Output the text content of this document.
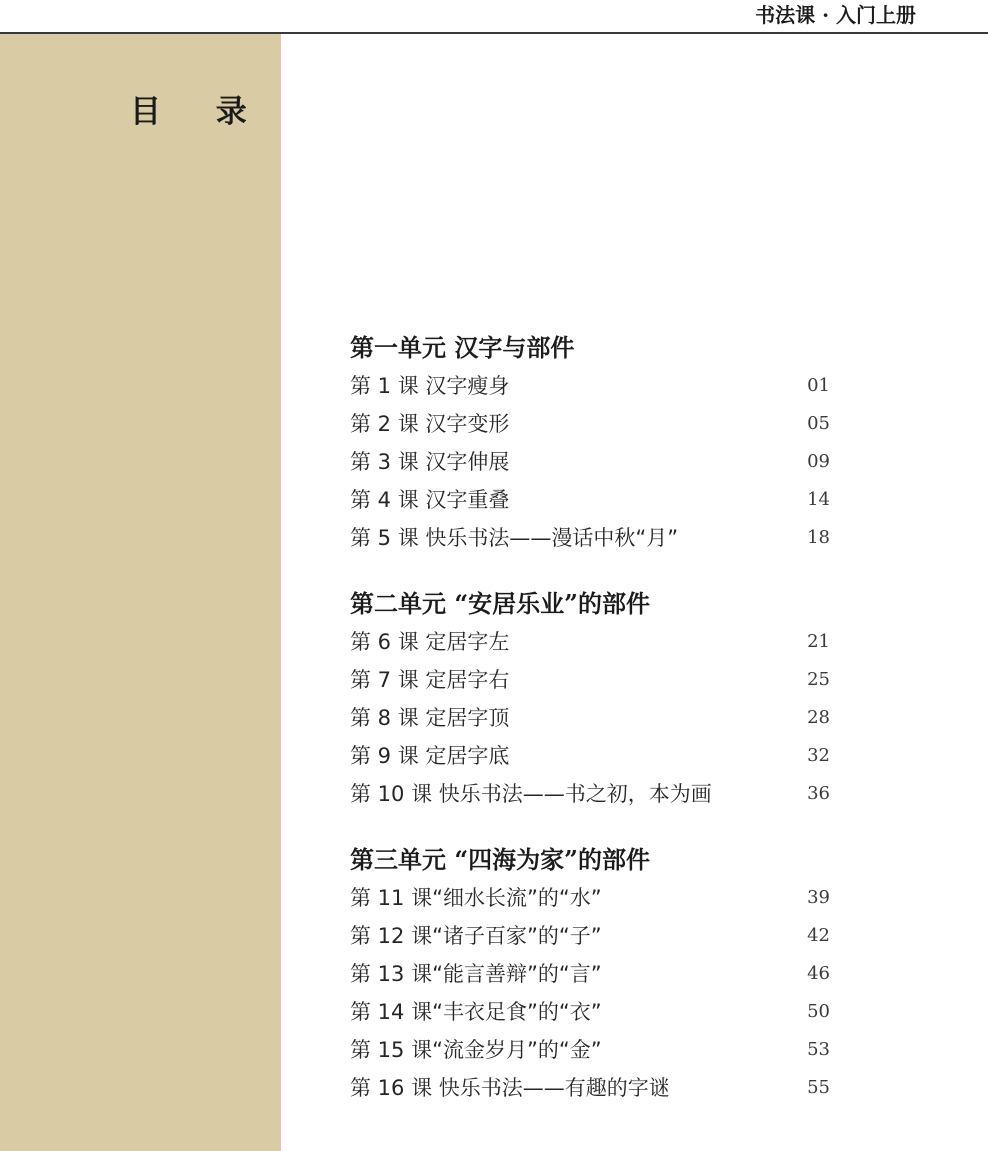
书法课 · 入门上册
目 录
第一单元 汉字与部件
第 1 课 汉字瘦身	01
第 2 课 汉字变形	05
第 3 课 汉字伸展	09
第 4 课 汉字重叠	14
第 5 课 快乐书法——漫话中秋“月”	18
第二单元 “安居乐业”的部件
第 6 课 定居字左	21
第 7 课 定居字右	25
第 8 课 定居字顶	28
第 9 课 定居字底	32
第 10 课 快乐书法——书之初，本为画	36
第三单元 “四海为家”的部件
第 11 课“细水长流”的“水”	39
第 12 课“诸子百家”的“子”	42
第 13 课“能言善辩”的“言”	46
第 14 课“丰衣足食”的“衣”	50
第 15 课“流金岁月”的“金”	53
第 16 课 快乐书法——有趣的字谜	55
